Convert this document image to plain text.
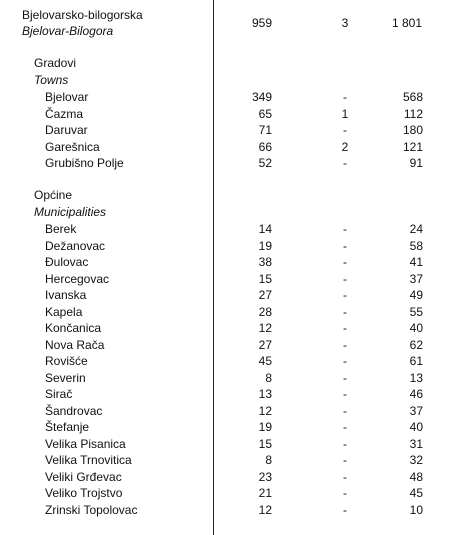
Bjelovarsko-bilogorska
Bjelovar-Bilogora
959	3	1 801
Gradovi
Towns
Bjelovar	349	-	568
Čazma	65	1	112
Daruvar	71	-	180
Garešnica	66	2	121
Grubišno Polje	52	-	91
Općine
Municipalities
Berek	14	-	24
Dežanovac	19	-	58
Đulovac	38	-	41
Hercegovac	15	-	37
Ivanska	27	-	49
Kapela	28	-	55
Končanica	12	-	40
Nova Rača	27	-	62
Rovišće	45	-	61
Severin	8	-	13
Sirač	13	-	46
Šandrovac	12	-	37
Štefanje	19	-	40
Velika Pisanica	15	-	31
Velika Trnovitica	8	-	32
Veliki Grđevac	23	-	48
Veliko Trojstvo	21	-	45
Zrinski Topolovac	12	-	10
